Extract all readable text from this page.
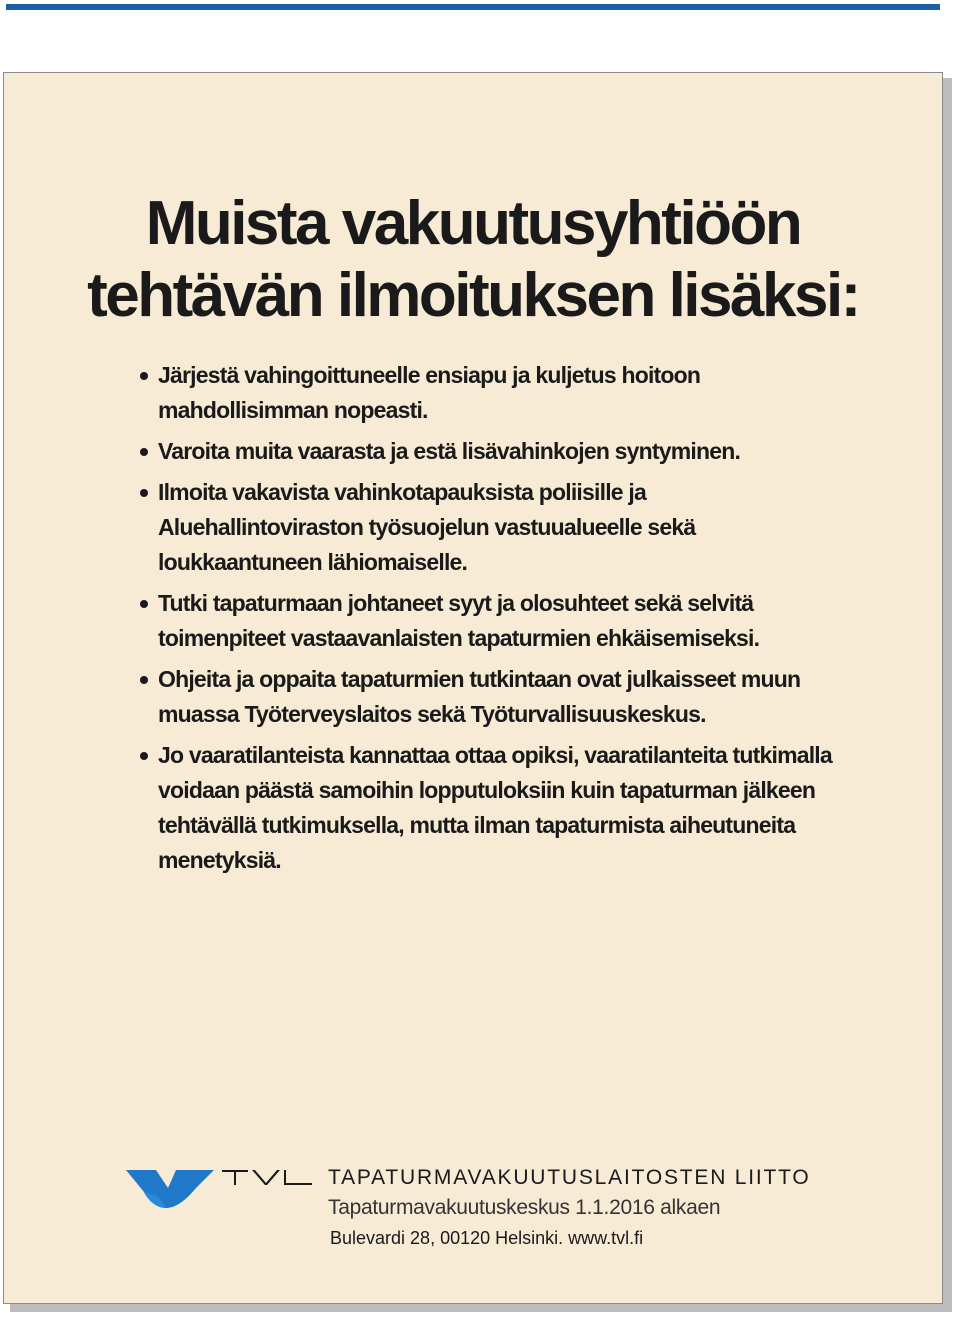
Muista vakuutusyhtiöön
tehtävän ilmoituksen lisäksi:
Järjestä vahingoittuneelle ensiapu ja kuljetus hoitoon mahdollisimman nopeasti.
Varoita muita vaarasta ja estä lisävahinkojen syntyminen.
Ilmoita vakavista vahinkotapauksista poliisille ja Aluehallintoviraston työsuojelun vastuualueelle sekä loukkaantuneen lähiomaiselle.
Tutki tapaturmaan johtaneet syyt ja olosuhteet sekä selvitä toimenpiteet vastaavanlaisten tapaturmien ehkäisemiseksi.
Ohjeita ja oppaita tapaturmien tutkintaan ovat julkaisseet muun muassa Työterveyslaitos sekä Työturvallisuuskeskus.
Jo vaaratilanteista kannattaa ottaa opiksi, vaaratilanteita tutkimalla voidaan päästä samoihin lopputuloksiin kuin tapaturman jälkeen tehtävällä tutkimuksella, mutta ilman tapaturmista aiheutuneita menetyksiä.
TAPATURMAVAKUUTUSLAITOSTEN LIITTO
Tapaturmavakuutuskeskus 1.1.2016 alkaen
Bulevardi 28, 00120 Helsinki. www.tvl.fi
